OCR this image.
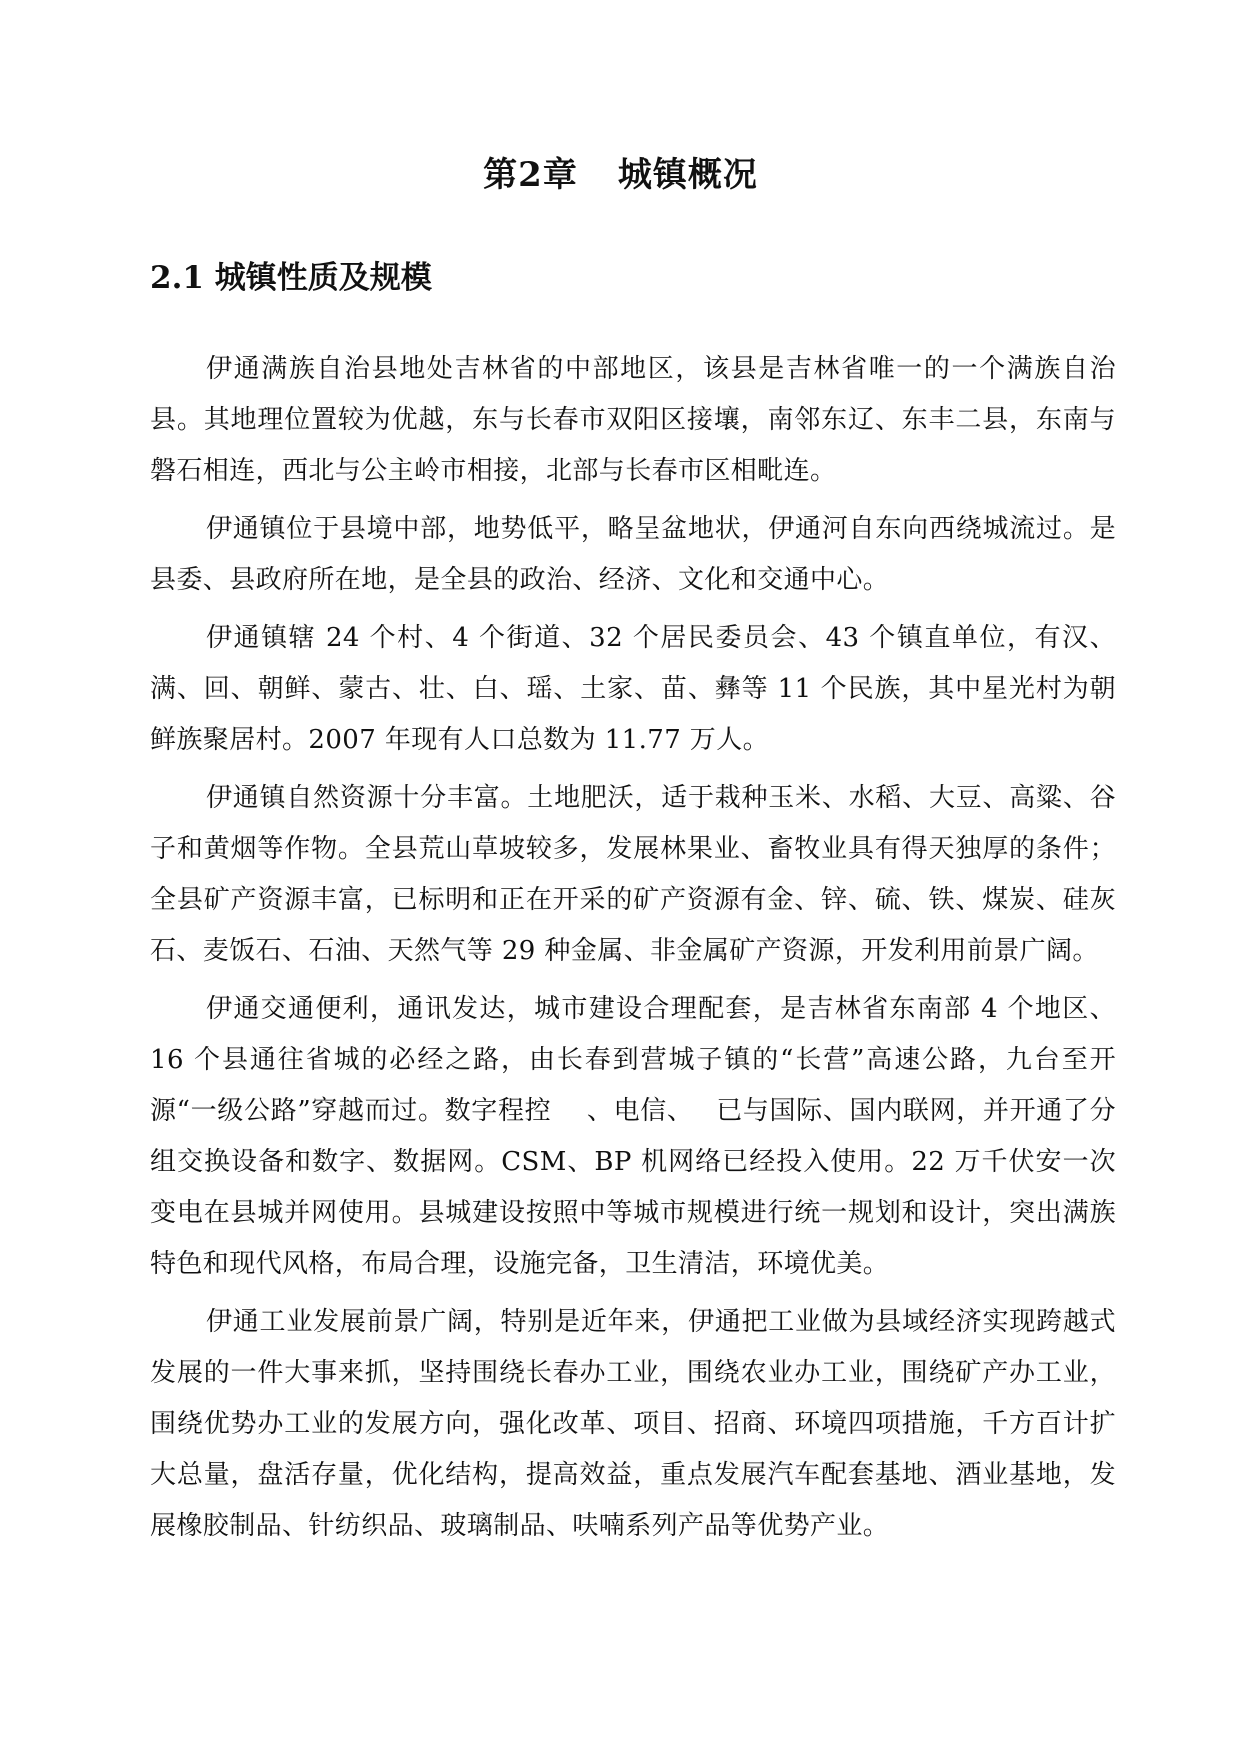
第2章 城镇概况
2.1 城镇性质及规模

伊通满族自治县地处吉林省的中部地区，该县是吉林省唯一的一个满族自治县。其地理位置较为优越，东与长春市双阳区接壤，南邻东辽、东丰二县，东南与磐石相连，西北与公主岭市相接，北部与长春市区相毗连。

伊通镇位于县境中部，地势低平，略呈盆地状，伊通河自东向西绕城流过。是县委、县政府所在地，是全县的政治、经济、文化和交通中心。

伊通镇辖 24 个村、4 个街道、32 个居民委员会、43 个镇直单位，有汉、满、回、朝鲜、蒙古、壮、白、瑶、土家、苗、彝等 11 个民族，其中星光村为朝鲜族聚居村。2007 年现有人口总数为 11.77 万人。

伊通镇自然资源十分丰富。土地肥沃，适于栽种玉米、水稻、大豆、高粱、谷子和黄烟等作物。全县荒山草坡较多，发展林果业、畜牧业具有得天独厚的条件；全县矿产资源丰富，已标明和正在开采的矿产资源有金、锌、硫、铁、煤炭、硅灰石、麦饭石、石油、天然气等 29 种金属、非金属矿产资源，开发利用前景广阔。

伊通交通便利，通讯发达，城市建设合理配套，是吉林省东南部 4 个地区、16 个县通往省城的必经之路，由长春到营城子镇的“长营”高速公路，九台至开源“一级公路”穿越而过。数字程控　 、电信、　 已与国际、国内联网，并开通了分组交换设备和数字、数据网。CSM、BP 机网络已经投入使用。22 万千伏安一次变电在县城并网使用。县城建设按照中等城市规模进行统一规划和设计，突出满族特色和现代风格，布局合理，设施完备，卫生清洁，环境优美。

伊通工业发展前景广阔，特别是近年来，伊通把工业做为县域经济实现跨越式发展的一件大事来抓，坚持围绕长春办工业，围绕农业办工业，围绕矿产办工业，围绕优势办工业的发展方向，强化改革、项目、招商、环境四项措施，千方百计扩大总量，盘活存量，优化结构，提高效益，重点发展汽车配套基地、酒业基地，发展橡胶制品、针纺织品、玻璃制品、呋喃系列产品等优势产业。
